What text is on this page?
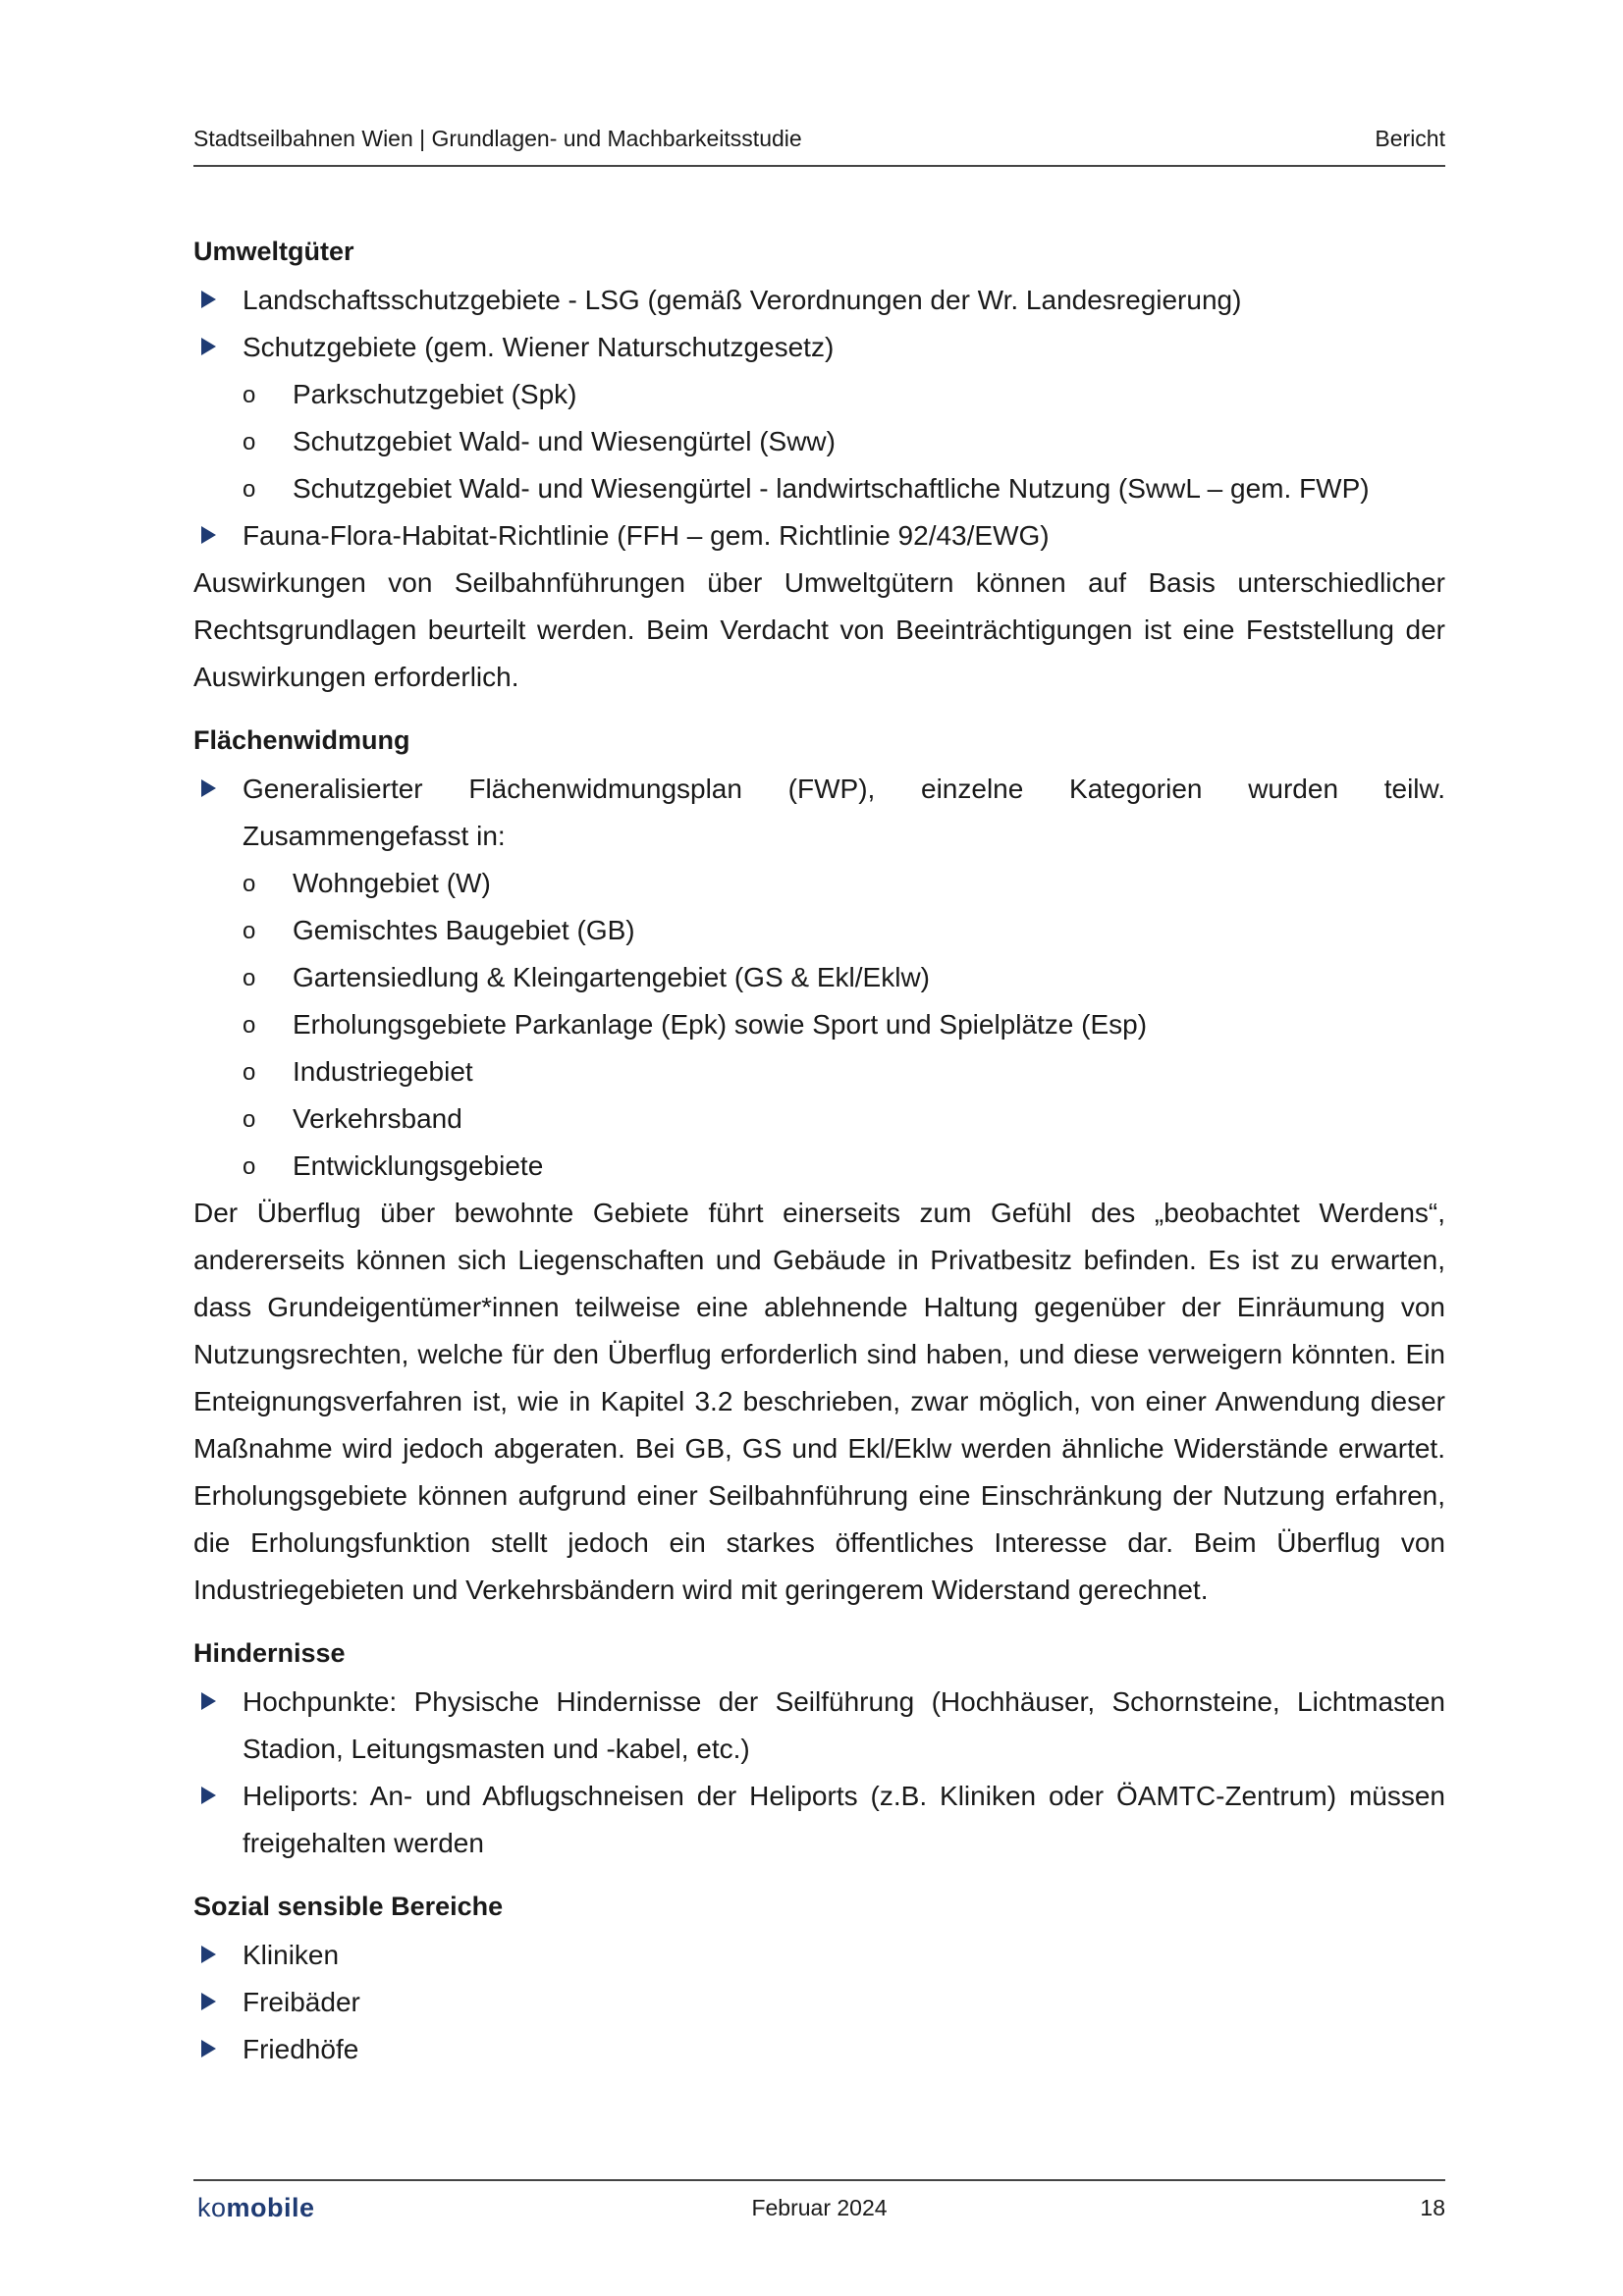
Stadtseilbahnen Wien | Grundlagen- und Machbarkeitsstudie	Bericht
Umweltgüter
Landschaftsschutzgebiete - LSG (gemäß Verordnungen der Wr. Landesregierung)
Schutzgebiete (gem. Wiener Naturschutzgesetz)
o Parkschutzgebiet (Spk)
o Schutzgebiet Wald- und Wiesengürtel (Sww)
o Schutzgebiet Wald- und Wiesengürtel - landwirtschaftliche Nutzung (SwwL – gem. FWP)
Fauna-Flora-Habitat-Richtlinie (FFH – gem. Richtlinie 92/43/EWG)

Auswirkungen von Seilbahnführungen über Umweltgütern können auf Basis unterschiedlicher Rechtsgrundlagen beurteilt werden. Beim Verdacht von Beeinträchtigungen ist eine Feststellung der Auswirkungen erforderlich.

Flächenwidmung
Generalisierter Flächenwidmungsplan (FWP), einzelne Kategorien wurden teilw. Zusammengefasst in:
o Wohngebiet (W)
o Gemischtes Baugebiet (GB)
o Gartensiedlung & Kleingartengebiet (GS & Ekl/Eklw)
o Erholungsgebiete Parkanlage (Epk) sowie Sport und Spielplätze (Esp)
o Industriegebiet
o Verkehrsband
o Entwicklungsgebiete

Der Überflug über bewohnte Gebiete führt einerseits zum Gefühl des „beobachtet Werdens“, andererseits können sich Liegenschaften und Gebäude in Privatbesitz befinden. Es ist zu erwarten, dass Grundeigentümer*innen teilweise eine ablehnende Haltung gegenüber der Einräumung von Nutzungsrechten, welche für den Überflug erforderlich sind haben, und diese verweigern könnten. Ein Enteignungsverfahren ist, wie in Kapitel 3.2 beschrieben, zwar möglich, von einer Anwendung dieser Maßnahme wird jedoch abgeraten. Bei GB, GS und Ekl/Eklw werden ähnliche Widerstände erwartet. Erholungsgebiete können aufgrund einer Seilbahnführung eine Einschränkung der Nutzung erfahren, die Erholungsfunktion stellt jedoch ein starkes öffentliches Interesse dar. Beim Überflug von Industriegebieten und Verkehrsbändern wird mit geringerem Widerstand gerechnet.

Hindernisse
Hochpunkte: Physische Hindernisse der Seilführung (Hochhäuser, Schornsteine, Lichtmasten Stadion, Leitungsmasten und -kabel, etc.)
Heliports: An- und Abflugschneisen der Heliports (z.B. Kliniken oder ÖAMTC-Zentrum) müssen freigehalten werden
Sozial sensible Bereiche
Kliniken
Freibäder
Friedhöfe
komobile	Februar 2024	18
